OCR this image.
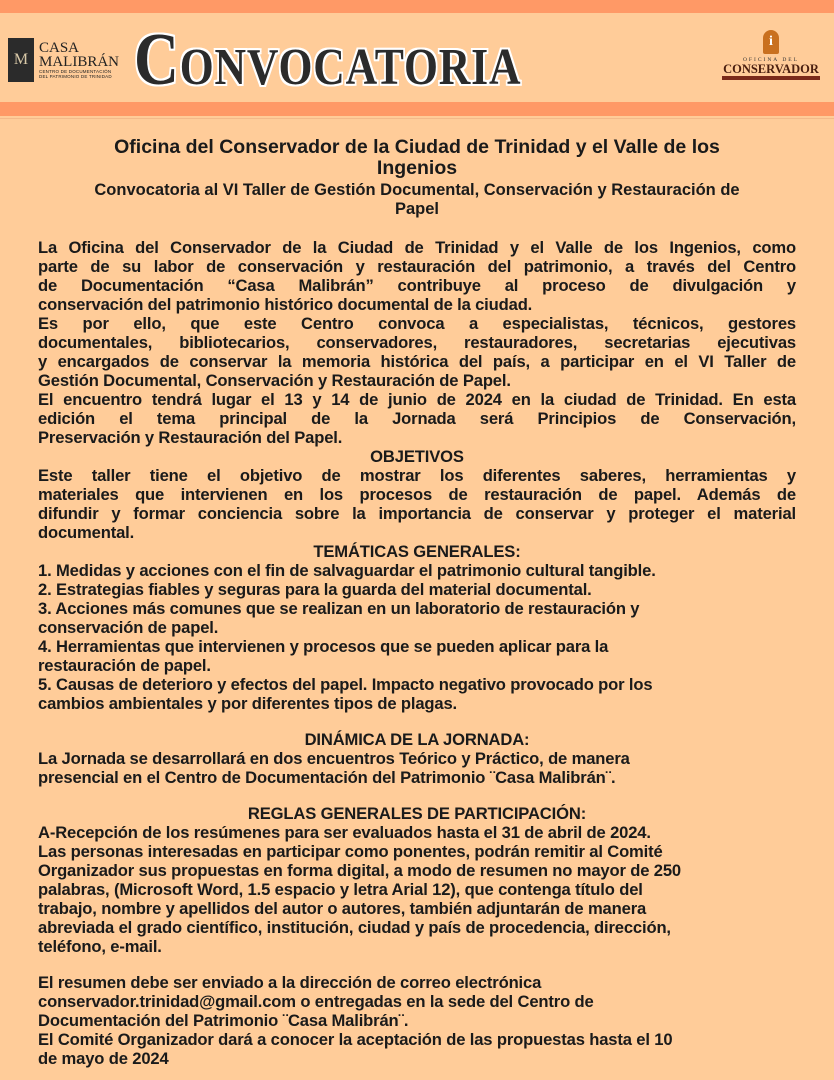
M
CASA
MALIBRÁN
CENTRO DE DOCUMENTACIÓN
DEL PATRIMONIO DE TRINIDAD Convocatoria	i
OFICINA DEL
CONSERVADOR
Oficina del Conservador de la Ciudad de Trinidad y el Valle de los
Ingenios
Convocatoria al VI Taller de Gestión Documental, Conservación y Restauración de
Papel
La Oficina del Conservador de la Ciudad de Trinidad y el Valle de los Ingenios, como
parte de su labor de conservación y restauración del patrimonio, a través del Centro
de Documentación “Casa Malibrán” contribuye al proceso de divulgación y
conservación del patrimonio histórico documental de la ciudad.
Es por ello, que este Centro convoca a especialistas, técnicos, gestores
documentales, bibliotecarios, conservadores, restauradores, secretarias ejecutivas
y encargados de conservar la memoria histórica del país, a participar en el VI Taller de
Gestión Documental, Conservación y Restauración de Papel.
El encuentro tendrá lugar el 13 y 14 de junio de 2024 en la ciudad de Trinidad. En esta
edición el tema principal de la Jornada será Principios de Conservación,
Preservación y Restauración del Papel.
OBJETIVOS
Este taller tiene el objetivo de mostrar los diferentes saberes, herramientas y
materiales que intervienen en los procesos de restauración de papel. Además de
difundir y formar conciencia sobre la importancia de conservar y proteger el material
documental.
TEMÁTICAS GENERALES:
1. Medidas y acciones con el fin de salvaguardar el patrimonio cultural tangible.
2. Estrategias fiables y seguras para la guarda del material documental.
3. Acciones más comunes que se realizan en un laboratorio de restauración y
conservación de papel.
4. Herramientas que intervienen y procesos que se pueden aplicar para la
restauración de papel.
5. Causas de deterioro y efectos del papel. Impacto negativo provocado por los
cambios ambientales y por diferentes tipos de plagas.
DINÁMICA DE LA JORNADA:
La Jornada se desarrollará en dos encuentros Teórico y Práctico, de manera
presencial en el Centro de Documentación del Patrimonio ¨Casa Malibrán¨.
REGLAS GENERALES DE PARTICIPACIÓN:
A-Recepción de los resúmenes para ser evaluados hasta el 31 de abril de 2024.
Las personas interesadas en participar como ponentes, podrán remitir al Comité
Organizador sus propuestas en forma digital, a modo de resumen no mayor de 250
palabras, (Microsoft Word, 1.5 espacio y letra Arial 12), que contenga título del
trabajo, nombre y apellidos del autor o autores, también adjuntarán de manera
abreviada el grado científico, institución, ciudad y país de procedencia, dirección,
teléfono, e-mail.
El resumen debe ser enviado a la dirección de correo electrónica
conservador.trinidad@gmail.com o entregadas en la sede del Centro de
Documentación del Patrimonio ¨Casa Malibrán¨.
El Comité Organizador dará a conocer la aceptación de las propuestas hasta el 10
de mayo de 2024
